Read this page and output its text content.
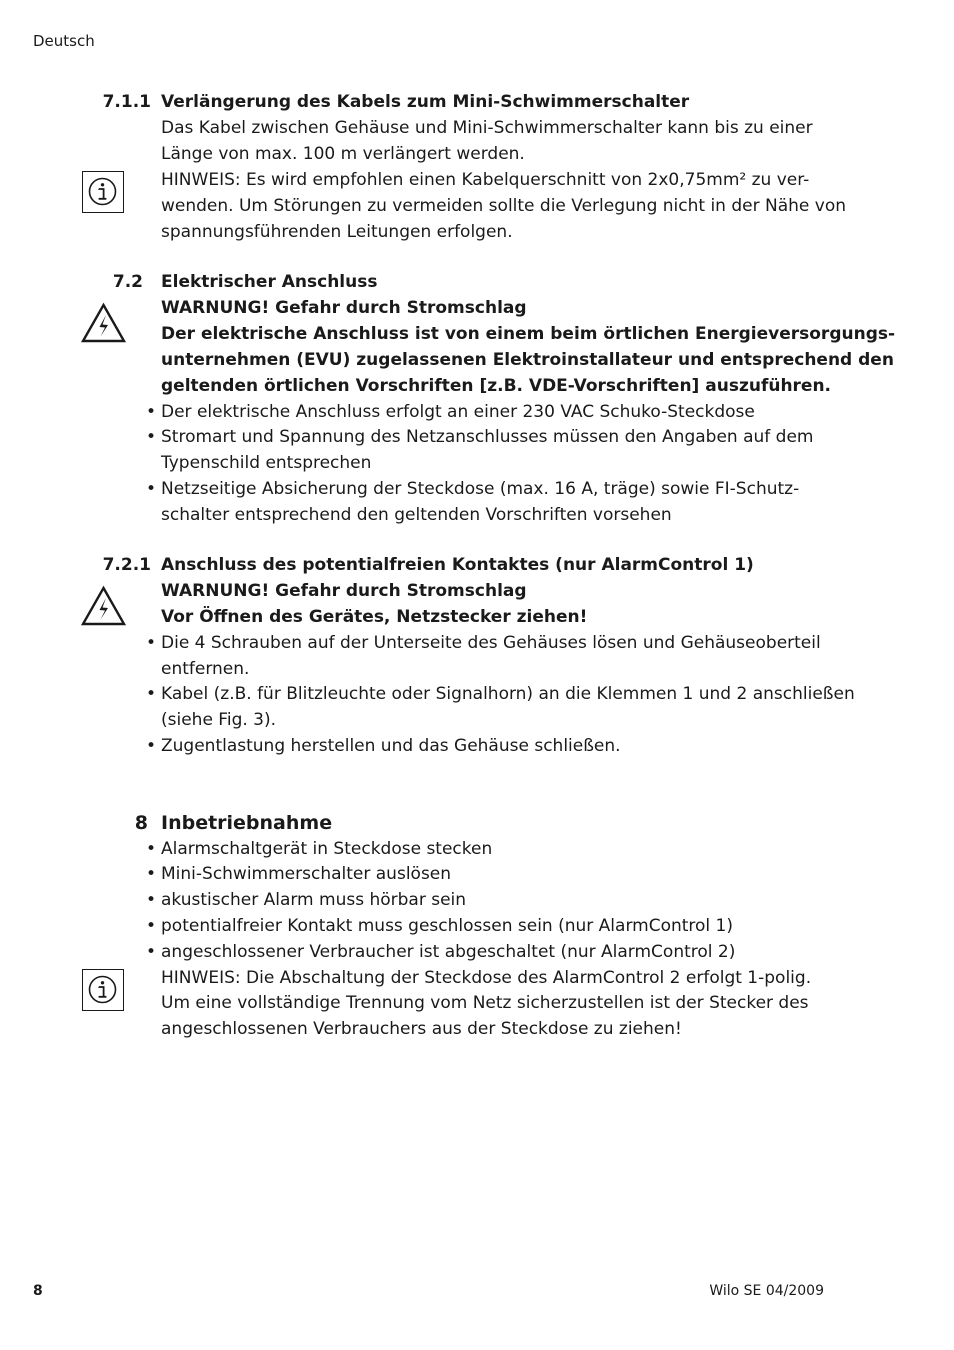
Deutsch
7.1.1 Verlängerung des Kabels zum Mini-Schwimmerschalter
Das Kabel zwischen Gehäuse und Mini-Schwimmerschalter kann bis zu einer
Länge von max. 100 m verlängert werden.
HINWEIS: Es wird empfohlen einen Kabelquerschnitt von 2x0,75mm² zu ver-
wenden. Um Störungen zu vermeiden sollte die Verlegung nicht in der Nähe von
spannungsführenden Leitungen erfolgen.
7.2 Elektrischer Anschluss
WARNUNG! Gefahr durch Stromschlag
Der elektrische Anschluss ist von einem beim örtlichen Energieversorgungs-
unternehmen (EVU) zugelassenen Elektroinstallateur und entsprechend den
geltenden örtlichen Vorschriften [z.B. VDE-Vorschriften] auszuführen.
• Der elektrische Anschluss erfolgt an einer 230 VAC Schuko-Steckdose
• Stromart und Spannung des Netzanschlusses müssen den Angaben auf dem
Typenschild entsprechen
• Netzseitige Absicherung der Steckdose (max. 16 A, träge) sowie FI-Schutz-
schalter entsprechend den geltenden Vorschriften vorsehen
7.2.1 Anschluss des potentialfreien Kontaktes (nur AlarmControl 1)
WARNUNG! Gefahr durch Stromschlag
Vor Öffnen des Gerätes, Netzstecker ziehen!
• Die 4 Schrauben auf der Unterseite des Gehäuses lösen und Gehäuseoberteil
entfernen.
• Kabel (z.B. für Blitzleuchte oder Signalhorn) an die Klemmen 1 und 2 anschließen
(siehe Fig. 3).
• Zugentlastung herstellen und das Gehäuse schließen.
8 Inbetriebnahme
• Alarmschaltgerät in Steckdose stecken
• Mini-Schwimmerschalter auslösen
• akustischer Alarm muss hörbar sein
• potentialfreier Kontakt muss geschlossen sein (nur AlarmControl 1)
• angeschlossener Verbraucher ist abgeschaltet (nur AlarmControl 2)
HINWEIS: Die Abschaltung der Steckdose des AlarmControl 2 erfolgt 1-polig.
Um eine vollständige Trennung vom Netz sicherzustellen ist der Stecker des
angeschlossenen Verbrauchers aus der Steckdose zu ziehen!
8	Wilo SE 04/2009
